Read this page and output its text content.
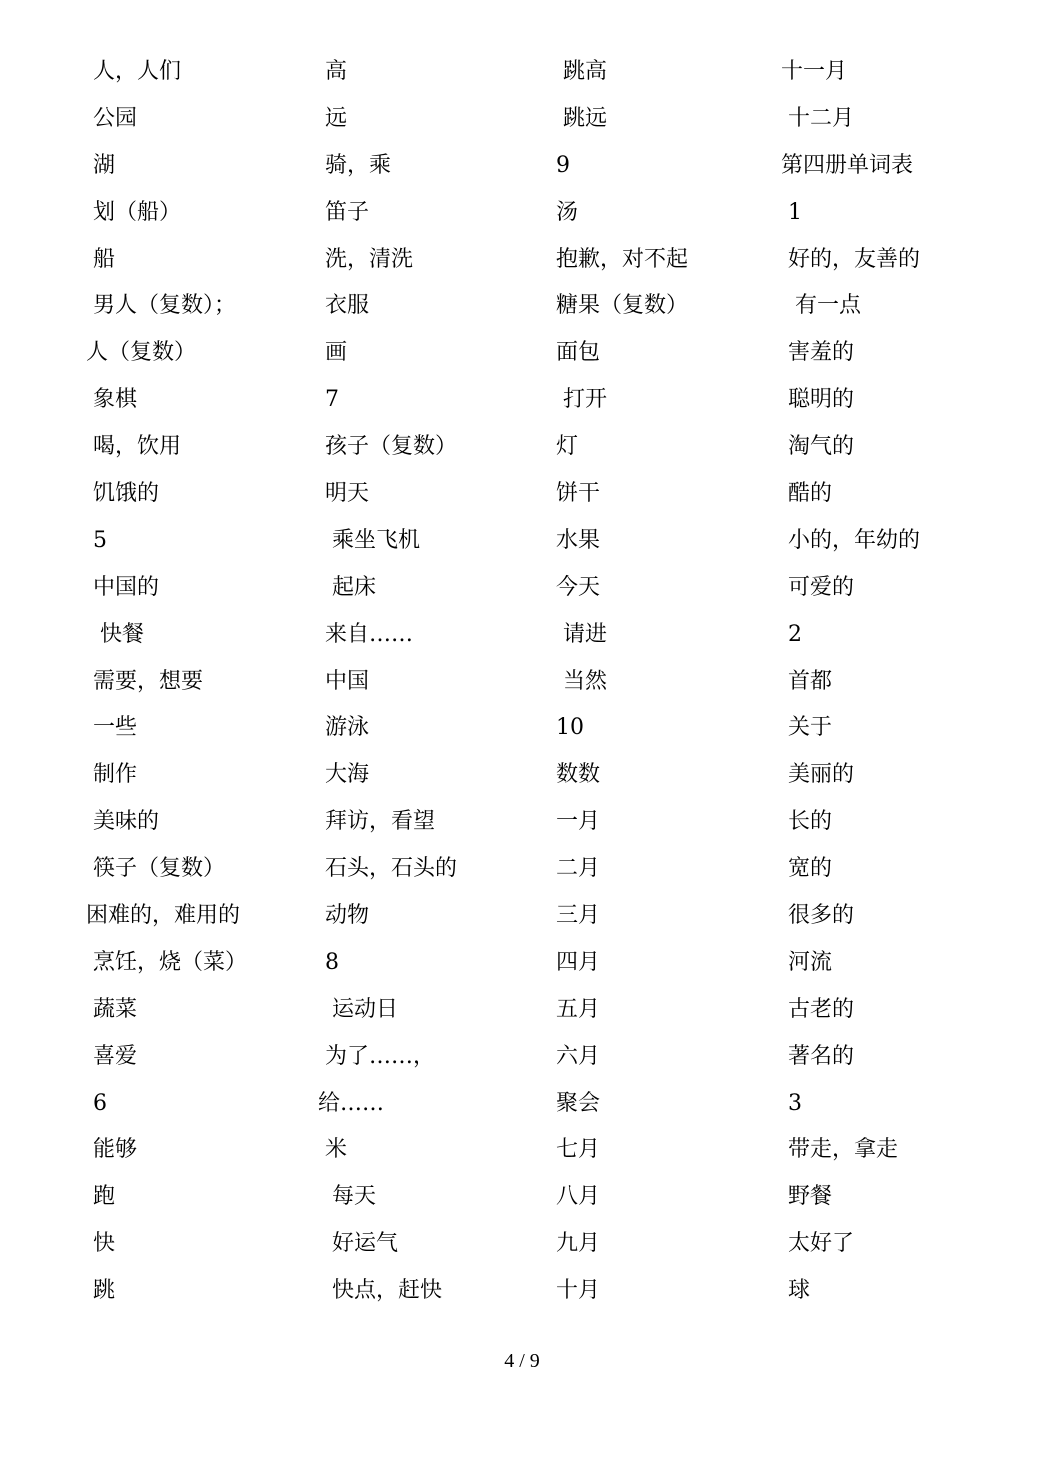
人，人们
公园
湖
划（船）
船
男人（复数）；
人（复数）
象棋
喝，饮用
饥饿的
5
中国的
快餐
需要，想要
一些
制作
美味的
筷子（复数）
困难的，难用的
烹饪，烧（菜）
蔬菜
喜爱
6
能够
跑
快
跳
高
远
骑，乘
笛子
洗，清洗
衣服
画
7
孩子（复数）
明天
乘坐飞机
起床
来自……
中国
游泳
大海
拜访，看望
石头，石头的
动物
8
运动日
为了……，
给……
米
每天
好运气
快点，赶快
跳高
跳远
9
汤
抱歉，对不起
糖果（复数）
面包
打开
灯
饼干
水果
今天
请进
当然
10
数数
一月
二月
三月
四月
五月
六月
聚会
七月
八月
九月
十月
十一月
十二月
第四册单词表
1
好的，友善的
有一点
害羞的
聪明的
淘气的
酷的
小的，年幼的
可爱的
2
首都
关于
美丽的
长的
宽的
很多的
河流
古老的
著名的
3
带走，拿走
野餐
太好了
球
4 / 9
